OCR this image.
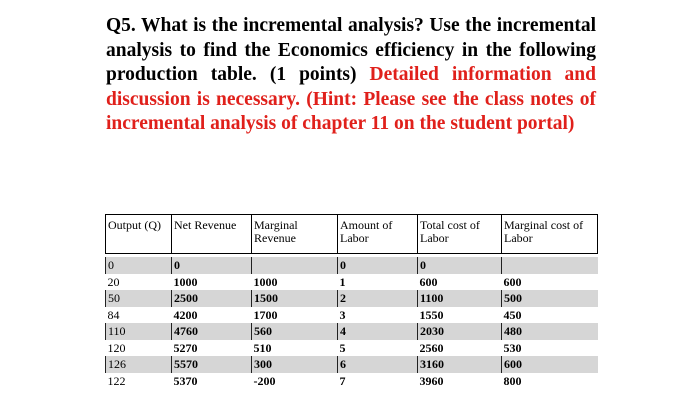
Q5. What is the incremental analysis? Use the incremental analysis to find the Economics efficiency in the following production table. (1 points) Detailed information and discussion is necessary. (Hint: Please see the class notes of incremental analysis of chapter 11 on the student portal)

Output (Q)	Net Revenue	Marginal Revenue	Amount of Labor	Total cost of Labor	Marginal cost of Labor

0	0		0	0	
20	1000	1000	1	600	600
50	2500	1500	2	1100	500
84	4200	1700	3	1550	450
110	4760	560	4	2030	480
120	5270	510	5	2560	530
126	5570	300	6	3160	600
122	5370	-200	7	3960	800
